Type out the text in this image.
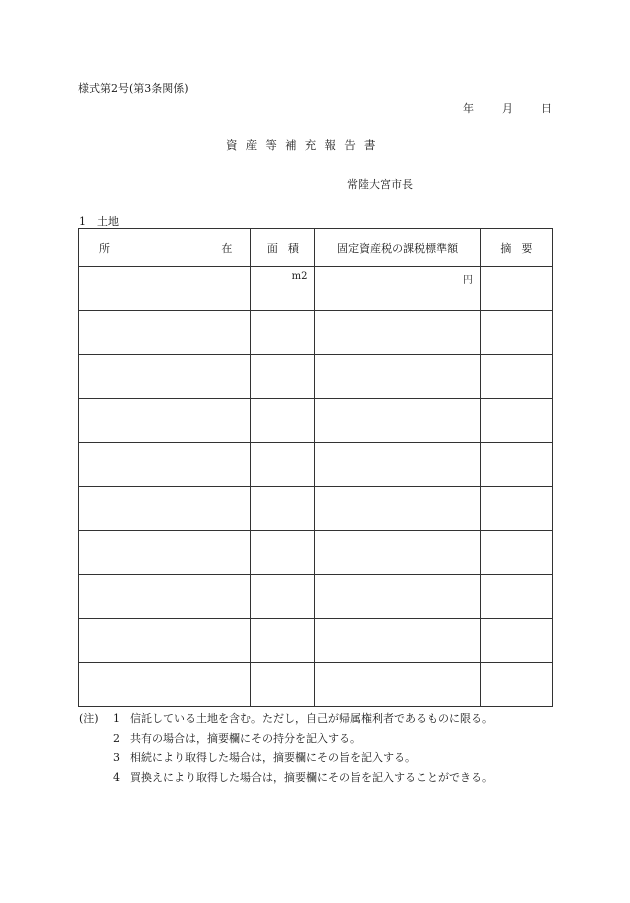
様式第2号(第3条関係)
年	月	日
資産等補充報告書
常陸大宮市長
1　土地
所 在	面積	固定資産税の課税標準額	摘要

	m2	円	

(注)	1 信託している土地を含む。ただし，自己が帰属権利者であるものに限る。
2 共有の場合は，摘要欄にその持分を記入する。
3 相続により取得した場合は，摘要欄にその旨を記入する。
4 買換えにより取得した場合は，摘要欄にその旨を記入することができる。
